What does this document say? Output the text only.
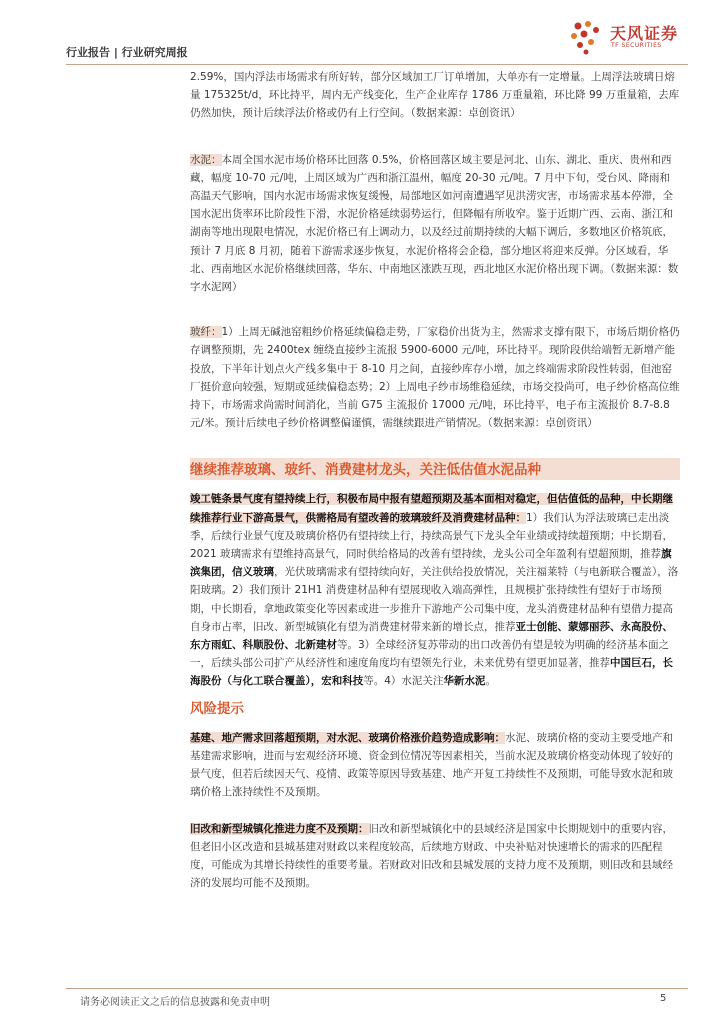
行业报告 | 行业研究周报
天风证券
TF SECURITIES

2.59%，国内浮法市场需求有所好转，部分区域加工厂订单增加，大单亦有一定增量。上周浮法玻璃日熔量 175325t/d，环比持平，周内无产线变化，生产企业库存 1786 万重量箱，环比降 99 万重量箱，去库仍然加快，预计后续浮法价格或仍有上行空间。（数据来源：卓创资讯）

水泥：本周全国水泥市场价格环比回落 0.5%，价格回落区域主要是河北、山东、湖北、重庆、贵州和西藏，幅度 10-70 元/吨，上周区域为广西和浙江温州，幅度 20-30 元/吨。7 月中下旬，受台风、降雨和高温天气影响，国内水泥市场需求恢复缓慢，局部地区如河南遭遇罕见洪涝灾害，市场需求基本停滞，全国水泥出货率环比阶段性下滑，水泥价格延续弱势运行，但降幅有所收窄。鉴于近期广西、云南、浙江和湖南等地出现限电情况，水泥价格已有上调动力，以及经过前期持续的大幅下调后，多数地区价格筑底，预计 7 月底 8 月初，随着下游需求逐步恢复，水泥价格将会企稳，部分地区将迎来反弹。分区域看，华北、西南地区水泥价格继续回落，华东、中南地区涨跌互现，西北地区水泥价格出现下调。（数据来源：数字水泥网）

玻纤：1）上周无碱池窑粗纱价格延续偏稳走势，厂家稳价出货为主，然需求支撑有限下，市场后期价格仍存调整预期，先 2400tex 缠绕直接纱主流报 5900-6000 元/吨，环比持平。现阶段供给端暂无新增产能投放，下半年计划点火产线多集中于 8-10 月之间，直接纱库存小增，加之终端需求阶段性转弱，但池窑厂挺价意向较强，短期或延续偏稳态势；2）上周电子纱市场维稳延续，市场交投尚可，电子纱价格高位维持下，市场需求尚需时间消化，当前 G75 主流报价 17000 元/吨，环比持平，电子布主流报价 8.7-8.8 元/米。预计后续电子纱价格调整偏谨慎，需继续跟进产销情况。（数据来源：卓创资讯）

继续推荐玻璃、玻纤、消费建材龙头，关注低估值水泥品种

竣工链条景气度有望持续上行，积极布局中报有望超预期及基本面相对稳定，但估值低的品种，中长期继续推荐行业下游高景气，供需格局有望改善的玻璃玻纤及消费建材品种：1）我们认为浮法玻璃已走出淡季，后续行业景气度及玻璃价格仍有望持续上行，持续高景气下龙头全年业绩或持续超预期；中长期看，2021 玻璃需求有望维持高景气，同时供给格局的改善有望持续，龙头公司全年盈利有望超预期，推荐旗滨集团，信义玻璃，光伏玻璃需求有望持续向好，关注供给投放情况，关注福莱特（与电新联合覆盖），洛阳玻璃。2）我们预计 21H1 消费建材品种有望展现收入端高弹性，且规模扩张持续性有望好于市场预期，中长期看，拿地政策变化等因素或进一步推升下游地产公司集中度，龙头消费建材品种有望借力提高自身市占率，旧改、新型城镇化有望为消费建材带来新的增长点，推荐亚士创能、蒙娜丽莎、永高股份、东方雨虹、科顺股份、北新建材等。3）全球经济复苏带动的出口改善仍有望是较为明确的经济基本面之一，后续头部公司扩产从经济性和速度角度均有望领先行业，未来优势有望更加显著，推荐中国巨石，长海股份（与化工联合覆盖），宏和科技等。4）水泥关注华新水泥。

风险提示

基建、地产需求回落超预期，对水泥、玻璃价格涨价趋势造成影响：水泥、玻璃价格的变动主要受地产和基建需求影响，进而与宏观经济环境、资金到位情况等因素相关，当前水泥及玻璃价格变动体现了较好的景气度，但若后续因天气、疫情、政策等原因导致基建、地产开复工持续性不及预期，可能导致水泥和玻璃价格上涨持续性不及预期。

旧改和新型城镇化推进力度不及预期：旧改和新型城镇化中的县域经济是国家中长期规划中的重要内容，但老旧小区改造和县城基建对财政以来程度较高，后续地方财政、中央补贴对快速增长的需求的匹配程度，可能成为其增长持续性的重要考量。若财政对旧改和县城发展的支持力度不及预期，则旧改和县域经济的发展均可能不及预期。

请务必阅读正文之后的信息披露和免责申明	5
